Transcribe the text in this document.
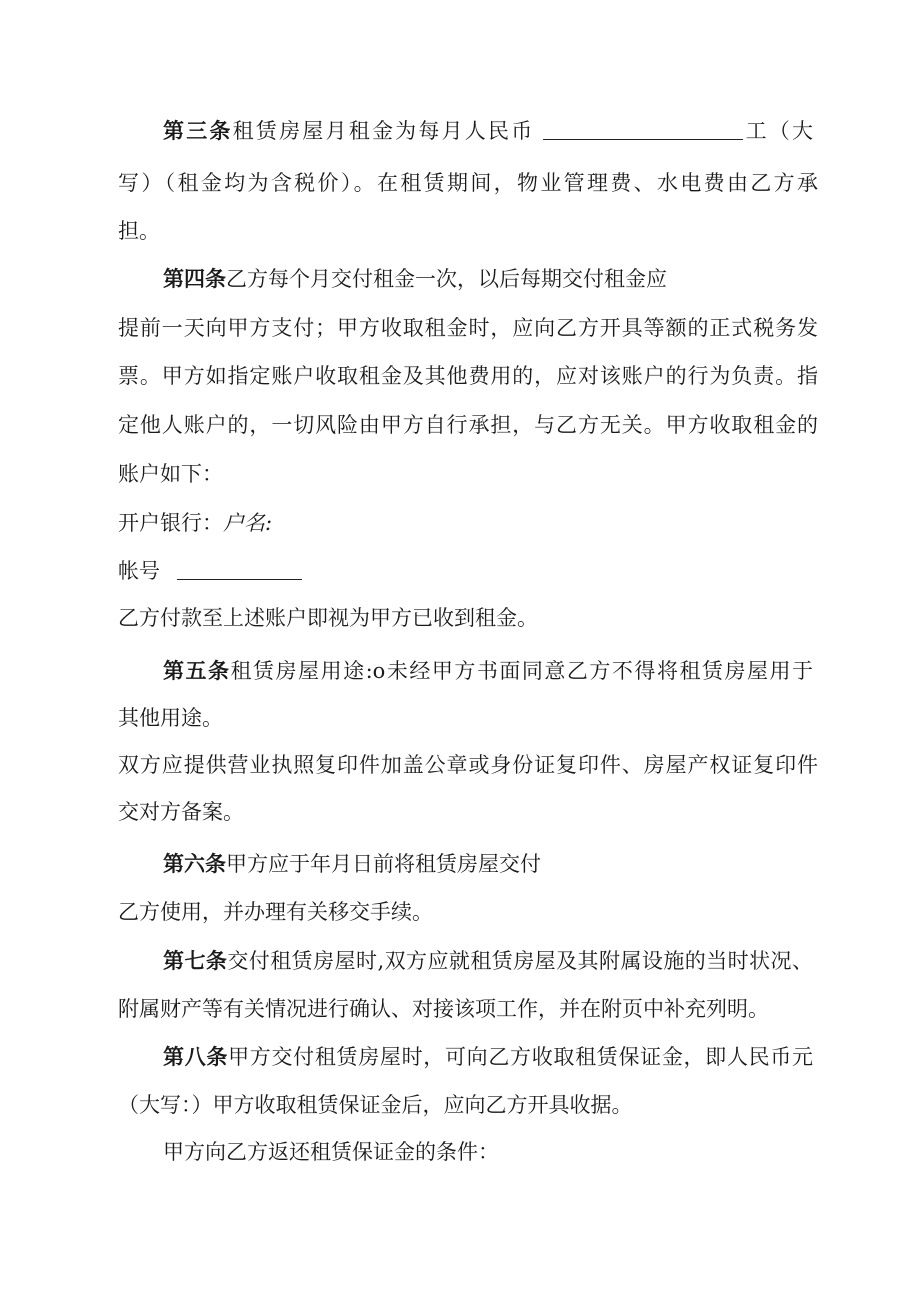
第三条租赁房屋月租金为每月人民币	工（大
写）（租金均为含税价）。在租赁期间，物业管理费、水电费由乙方承
担。
第四条乙方每个月交付租金一次，以后每期交付租金应
提前一天向甲方支付；甲方收取租金时，应向乙方开具等额的正式税务发
票。甲方如指定账户收取租金及其他费用的，应对该账户的行为负责。指
定他人账户的，一切风险由甲方自行承担，与乙方无关。甲方收取租金的
账户如下：
开户银行：户名:
帐号
乙方付款至上述账户即视为甲方已收到租金。
第五条租赁房屋用途:o未经甲方书面同意乙方不得将租赁房屋用于
其他用途。
双方应提供营业执照复印件加盖公章或身份证复印件、房屋产权证复印件
交对方备案。
第六条甲方应于年月日前将租赁房屋交付
乙方使用，并办理有关移交手续。
第七条交付租赁房屋时,双方应就租赁房屋及其附属设施的当时状况、
附属财产等有关情况进行确认、对接该项工作，并在附页中补充列明。
第八条甲方交付租赁房屋时，可向乙方收取租赁保证金，即人民币元
（大写：）甲方收取租赁保证金后，应向乙方开具收据。
甲方向乙方返还租赁保证金的条件：
